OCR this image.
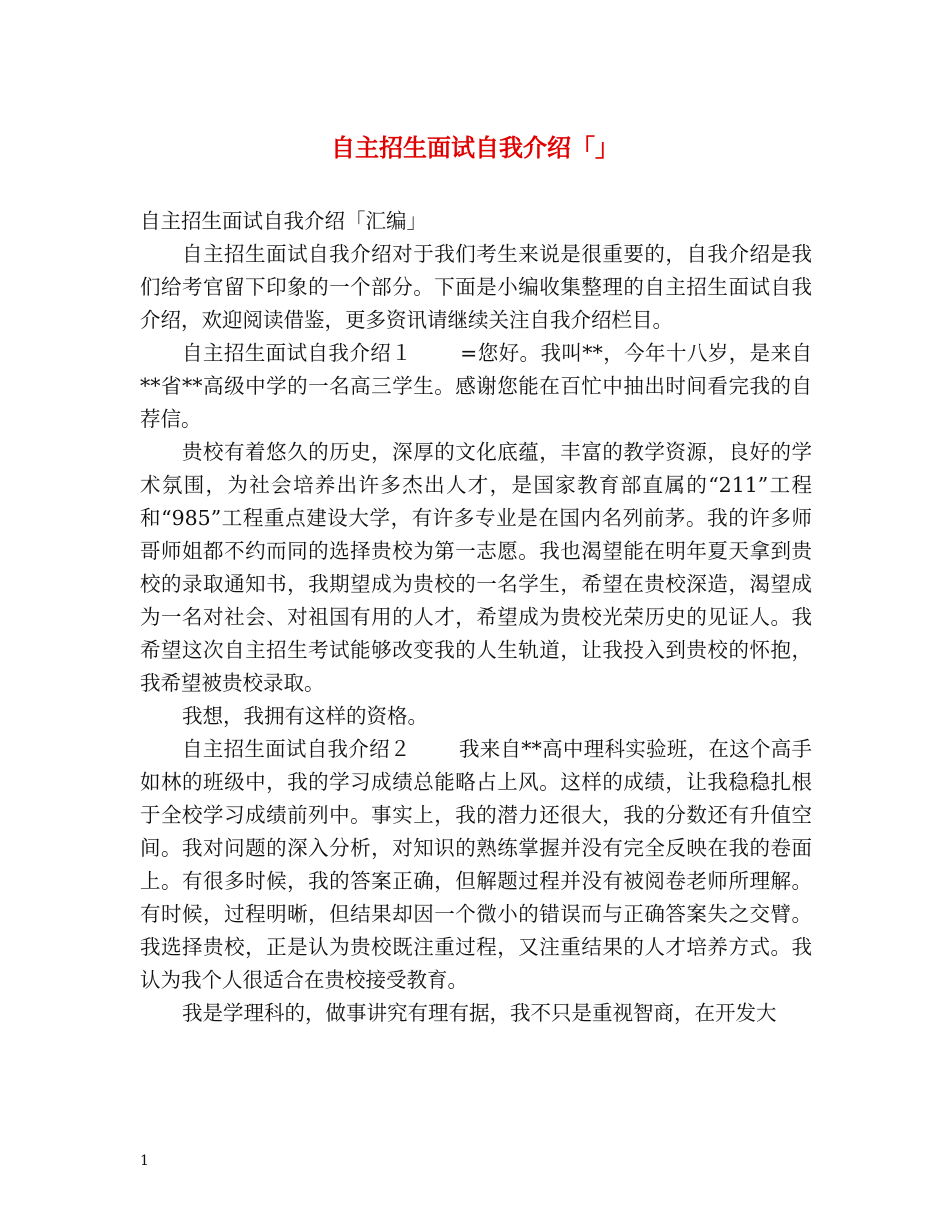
自主招生面试自我介绍「」

自主招生面试自我介绍「汇编」

自主招生面试自我介绍对于我们考生来说是很重要的，自我介绍是我们给考官留下印象的一个部分。下面是小编收集整理的自主招生面试自我介绍，欢迎阅读借鉴，更多资讯请继续关注自我介绍栏目。

自主招生面试自我介绍１ =您好。我叫**，今年十八岁，是来自**省**高级中学的一名高三学生。感谢您能在百忙中抽出时间看完我的自荐信。

贵校有着悠久的历史，深厚的文化底蕴，丰富的教学资源，良好的学术氛围，为社会培养出许多杰出人才，是国家教育部直属的“211”工程和“985”工程重点建设大学，有许多专业是在国内名列前茅。我的许多师哥师姐都不约而同的选择贵校为第一志愿。我也渴望能在明年夏天拿到贵校的录取通知书，我期望成为贵校的一名学生，希望在贵校深造，渴望成为一名对社会、对祖国有用的人才，希望成为贵校光荣历史的见证人。我希望这次自主招生考试能够改变我的人生轨道，让我投入到贵校的怀抱，我希望被贵校录取。

我想，我拥有这样的资格。

自主招生面试自我介绍２ 我来自**高中理科实验班，在这个高手如林的班级中，我的学习成绩总能略占上风。这样的成绩，让我稳稳扎根于全校学习成绩前列中。事实上，我的潜力还很大，我的分数还有升值空间。我对问题的深入分析，对知识的熟练掌握并没有完全反映在我的卷面上。有很多时候，我的答案正确，但解题过程并没有被阅卷老师所理解。有时候，过程明晰，但结果却因一个微小的错误而与正确答案失之交臂。我选择贵校，正是认为贵校既注重过程，又注重结果的人才培养方式。我认为我个人很适合在贵校接受教育。

我是学理科的，做事讲究有理有据，我不只是重视智商，在开发大

1
